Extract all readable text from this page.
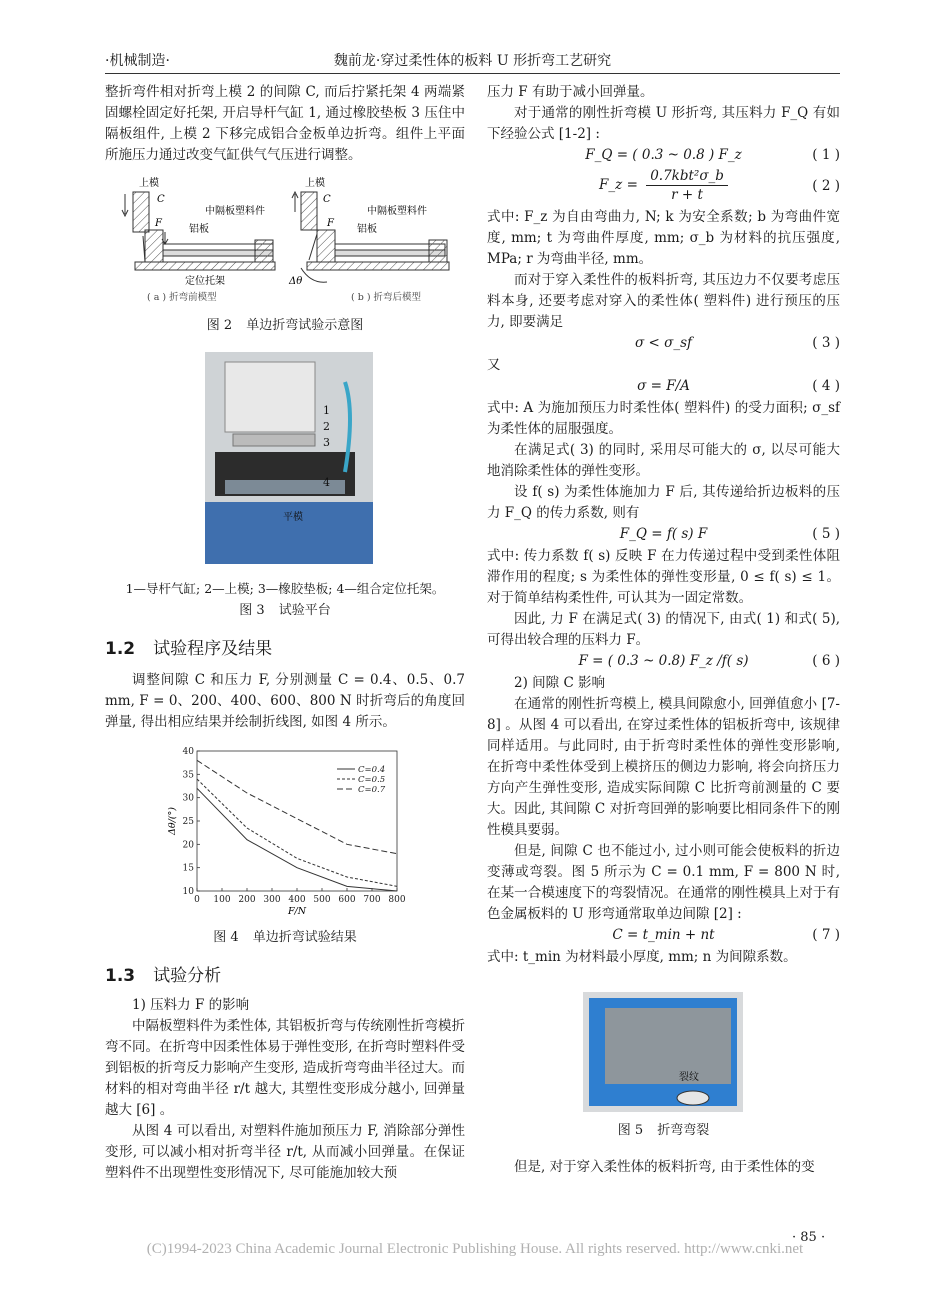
·机械制造·	魏前龙·穿过柔性体的板料 U 形折弯工艺研究

整折弯件相对折弯上模 2 的间隙 C, 而后拧紧托架 4 两端紧固螺栓固定好托架, 开启导杆气缸 1, 通过橡胶垫板 3 压住中隔板组件, 上模 2 下移完成铝合金板单边折弯。组件上平面所施压力通过改变气缸供气气压进行调整。

上模
C
F
中隔板塑料件
铝板
定位托架
( a ) 折弯前模型
上模
C
F
中隔板塑料件
铝板
Δθ
( b ) 折弯后模型
图 2 单边折弯试验示意图
1
2
3
4
平模
1—导杆气缸; 2—上模; 3—橡胶垫板; 4—组合定位托架。
图 3 试验平台
1.2 试验程序及结果

调整间隙 C 和压力 F, 分别测量 C = 0.4、0.5、0.7 mm, F = 0、200、400、600、800 N 时折弯后的角度回弹量, 得出相应结果并绘制折线图, 如图 4 所示。

0 100 200 300 400 500 600 700 800
10
15
20
25
30
35
40
F/N
Δθ/(°)
C=0.4
C=0.5
C=0.7
图 4 单边折弯试验结果
1.3 试验分析

1) 压料力 F 的影响

中隔板塑料件为柔性体, 其铝板折弯与传统刚性折弯模折弯不同。在折弯中因柔性体易于弹性变形, 在折弯时塑料件受到铝板的折弯反力影响产生变形, 造成折弯弯曲半径过大。而材料的相对弯曲半径 r/t 越大, 其塑性变形成分越小, 回弹量越大 [6] 。

从图 4 可以看出, 对塑料件施加预压力 F, 消除部分弹性变形, 可以减小相对折弯半径 r/t, 从而减小回弹量。在保证塑料件不出现塑性变形情况下, 尽可能施加较大预

压力 F 有助于减小回弹量。

对于通常的刚性折弯模 U 形折弯, 其压料力 F_Q 有如下经验公式 [1-2] :

F_Q = ( 0.3 ~ 0.8 ) F_z	( 1 )
F_z =
0.7kbt²σ_b
r + t
( 2 )

式中: F_z 为自由弯曲力, N; k 为安全系数; b 为弯曲件宽度, mm; t 为弯曲件厚度, mm; σ_b 为材料的抗压强度, MPa; r 为弯曲半径, mm。

而对于穿入柔性件的板料折弯, 其压边力不仅要考虑压料本身, 还要考虑对穿入的柔性体( 塑料件) 进行预压的压力, 即要满足

σ < σ_sf	( 3 )

又

σ = F/A	( 4 )

式中: A 为施加预压力时柔性体( 塑料件) 的受力面积; σ_sf 为柔性体的屈服强度。

在满足式( 3) 的同时, 采用尽可能大的 σ, 以尽可能大地消除柔性体的弹性变形。

设 f( s) 为柔性体施加力 F 后, 其传递给折边板料的压力 F_Q 的传力系数, 则有

F_Q = f( s) F	( 5 )

式中: 传力系数 f( s) 反映 F 在力传递过程中受到柔性体阻滞作用的程度; s 为柔性体的弹性变形量, 0 ≤ f( s) ≤ 1。对于简单结构柔性件, 可认其为一固定常数。

因此, 力 F 在满足式( 3) 的情况下, 由式( 1) 和式( 5), 可得出较合理的压料力 F。

F = ( 0.3 ~ 0.8) F_z /f( s)	( 6 )

2) 间隙 C 影响

在通常的刚性折弯模上, 模具间隙愈小, 回弹值愈小 [7-8] 。从图 4 可以看出, 在穿过柔性体的铝板折弯中, 该规律同样适用。与此同时, 由于折弯时柔性体的弹性变形影响, 在折弯中柔性体受到上模挤压的侧边力影响, 将会向挤压力方向产生弹性变形, 造成实际间隙 C 比折弯前测量的 C 要大。因此, 其间隙 C 对折弯回弹的影响要比相同条件下的刚性模具要弱。

但是, 间隙 C 也不能过小, 过小则可能会使板料的折边变薄或弯裂。图 5 所示为 C = 0.1 mm, F = 800 N 时, 在某一合模速度下的弯裂情况。在通常的刚性模具上对于有色金属板料的 U 形弯通常取单边间隙 [2] :

C = t_min + nt	( 7 )

式中: t_min 为材料最小厚度, mm; n 为间隙系数。

裂纹
图 5 折弯弯裂

但是, 对于穿入柔性体的板料折弯, 由于柔性体的变

· 85 ·
(C)1994-2023 China Academic Journal Electronic Publishing House. All rights reserved. http://www.cnki.net
